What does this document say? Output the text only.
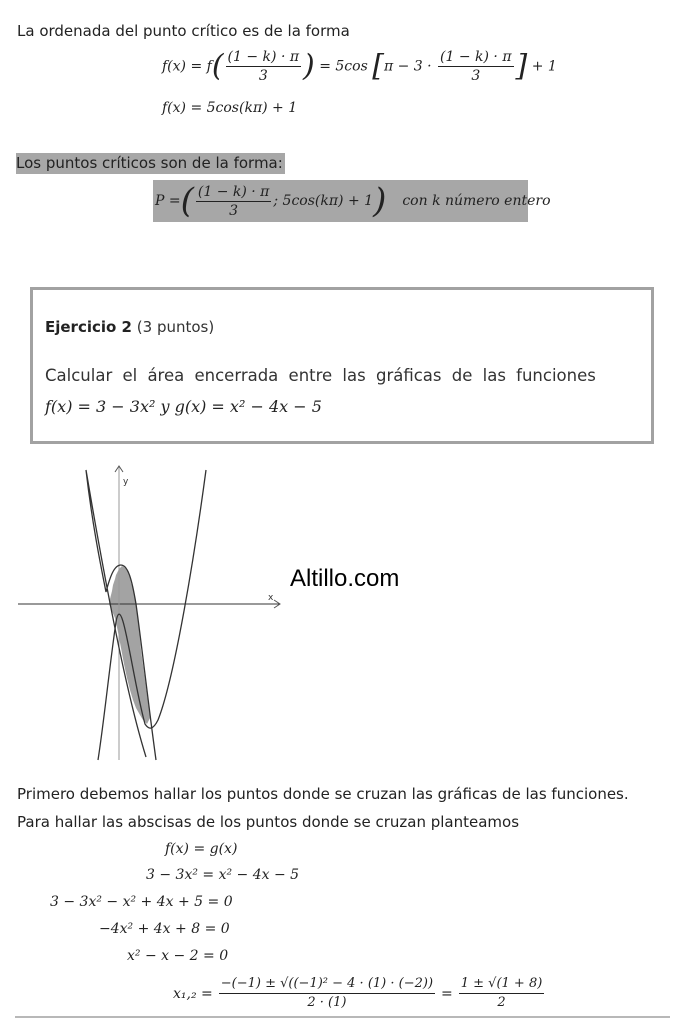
La ordenada del punto crítico es de la forma
$f(x) = f( \frac{(1 - k) \cdot \pi}{3}$ ) = 5cos [$\pi - 3 \cdot \frac{(1 - k) \cdot \pi}{3}$ ] + 1
f(x) = 5cos(kπ) + 1
Los puntos críticos son de la forma:
P = ( $\frac{(1 - k) \cdot \pi}{3}$ ; 5cos(kπ) + 1 ) con k número entero
Ejercicio 2 (3 puntos)
Calcular el área encerrada entre las gráficas de las funciones
f(x) = 3 − 3x² y g(x) = x² − 4x − 5
y
x
Altillo.com
Primero debemos hallar los puntos donde se cruzan las gráficas de las funciones.
Para hallar las abscisas de los puntos donde se cruzan planteamos
f(x) = g(x)
3 − 3x² = x² − 4x − 5
3 − 3x² − x² + 4x + 5 = 0
−4x² + 4x + 8 = 0
x² − x − 2 = 0
$x_1,_2 = \frac{\text{−(−1) ± √((−1)² − 4 · (1) · (−2))}}{2 \cdot (1)} = \frac{1 \pm √(1 + 8)}{2}$
